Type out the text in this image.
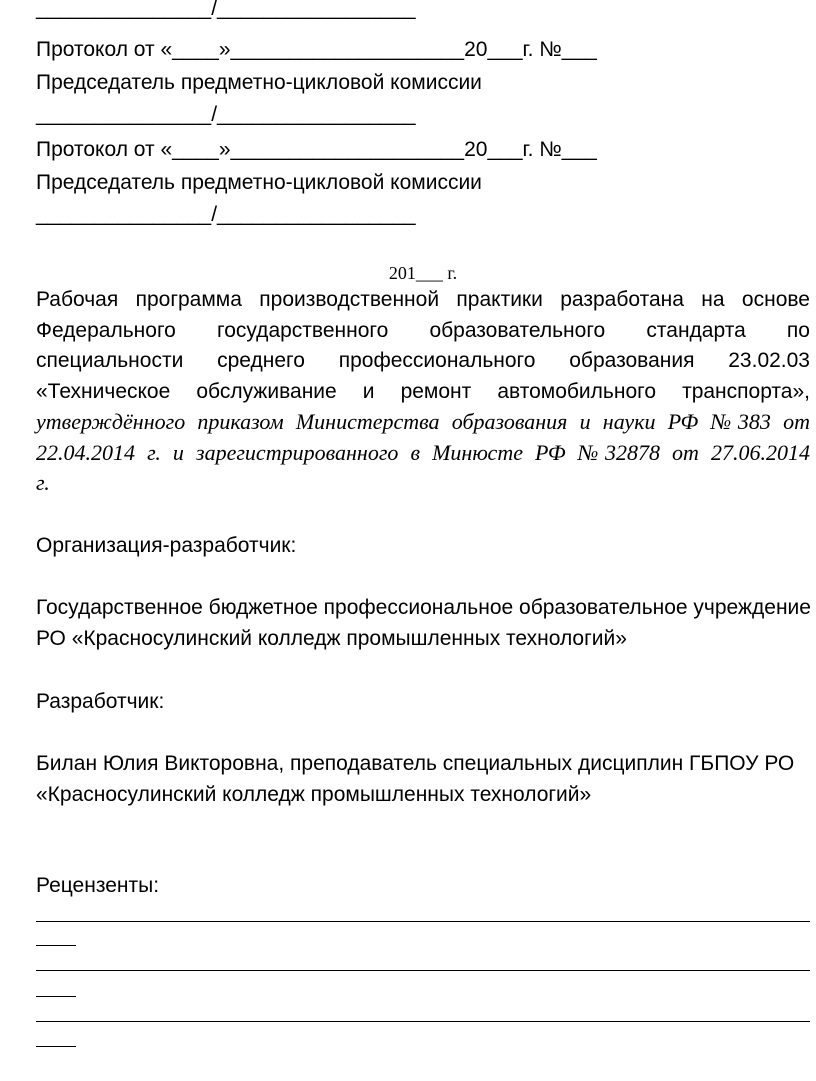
_______________/_________________
Протокол от «____»____________________20___г. №___
Председатель предметно-цикловой комиссии
_______________/_________________
Протокол от «____»____________________20___г. №___
Председатель предметно-цикловой комиссии
_______________/_________________
201___ г.
Рабочая программа производственной практики разработана на основе
Федерального государственного образовательного стандарта по
специальности среднего профессионального образования 23.02.03
«Техническое обслуживание и ремонт автомобильного транспорта»,
утверждённого приказом Министерства образования и науки РФ №383 от
22.04.2014 г. и зарегистрированного в Минюсте РФ №32878 от 27.06.2014
г.
Организация-разработчик:
Государственное бюджетное профессиональное образовательное учреждение
РО «Красносулинский колледж промышленных технологий»
Разработчик:
Билан Юлия Викторовна, преподаватель специальных дисциплин ГБПОУ РО
«Красносулинский колледж промышленных технологий»
Рецензенты:
